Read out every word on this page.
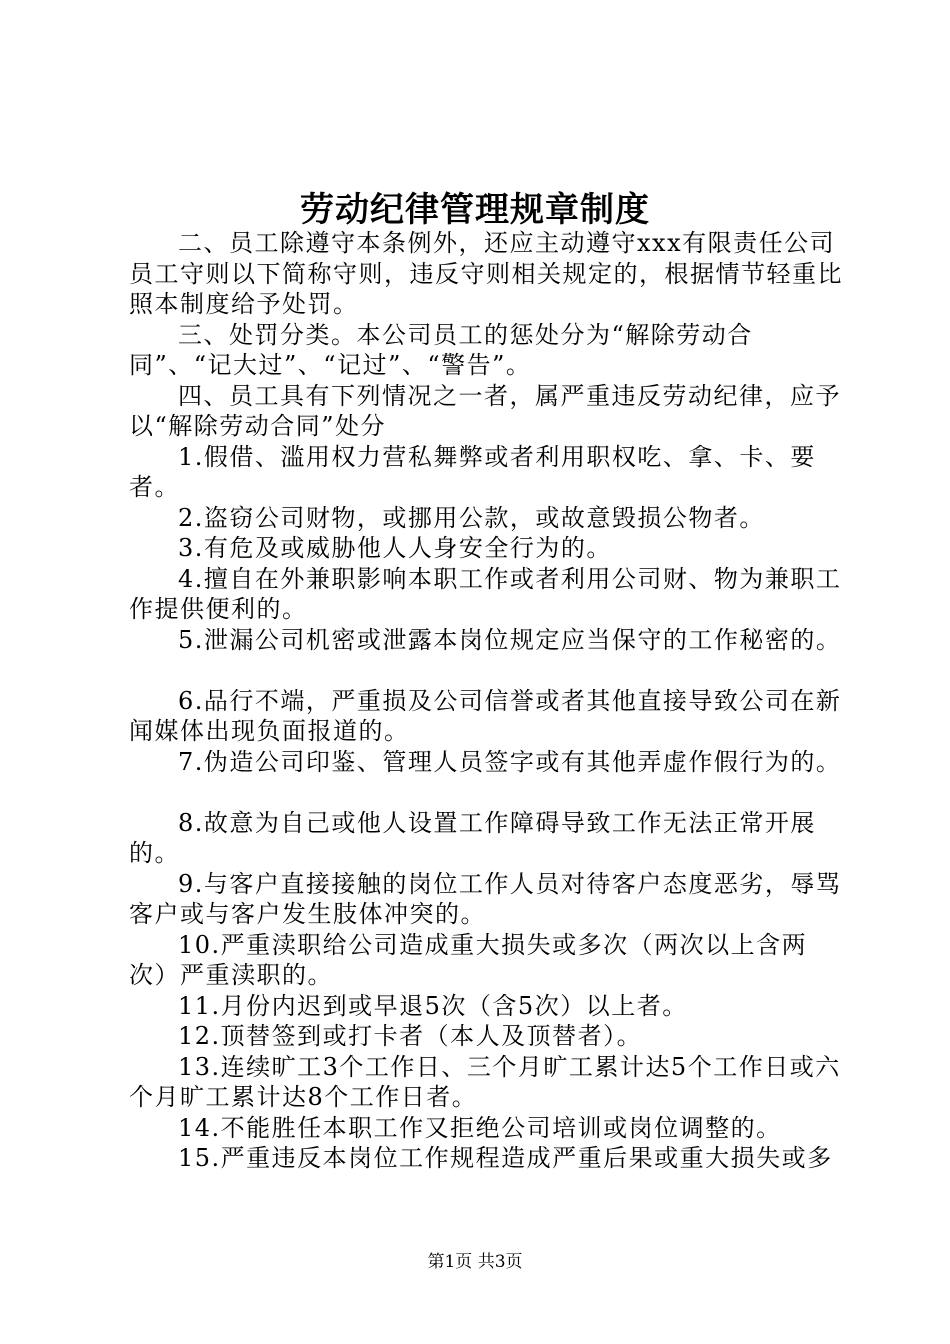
劳动纪律管理规章制度

二、员工除遵守本条例外，还应主动遵守xxx有限责任公司员工守则以下简称守则，违反守则相关规定的，根据情节轻重比照本制度给予处罚。

三、处罚分类。本公司员工的惩处分为“解除劳动合同”、“记大过”、“记过”、“警告”。

四、员工具有下列情况之一者，属严重违反劳动纪律，应予以“解除劳动合同”处分

1.假借、滥用权力营私舞弊或者利用职权吃、拿、卡、要者。

2.盗窃公司财物，或挪用公款，或故意毁损公物者。

3.有危及或威胁他人人身安全行为的。

4.擅自在外兼职影响本职工作或者利用公司财、物为兼职工作提供便利的。

5.泄漏公司机密或泄露本岗位规定应当保守的工作秘密的。

6.品行不端，严重损及公司信誉或者其他直接导致公司在新闻媒体出现负面报道的。

7.伪造公司印鉴、管理人员签字或有其他弄虚作假行为的。

8.故意为自己或他人设置工作障碍导致工作无法正常开展的。

9.与客户直接接触的岗位工作人员对待客户态度恶劣，辱骂客户或与客户发生肢体冲突的。

10.严重渎职给公司造成重大损失或多次（两次以上含两次）严重渎职的。

11.月份内迟到或早退5次（含5次）以上者。

12.顶替签到或打卡者（本人及顶替者）。

13.连续旷工3个工作日、三个月旷工累计达5个工作日或六个月旷工累计达8个工作日者。

14.不能胜任本职工作又拒绝公司培训或岗位调整的。

15.严重违反本岗位工作规程造成严重后果或重大损失或多

第1页 共3页
